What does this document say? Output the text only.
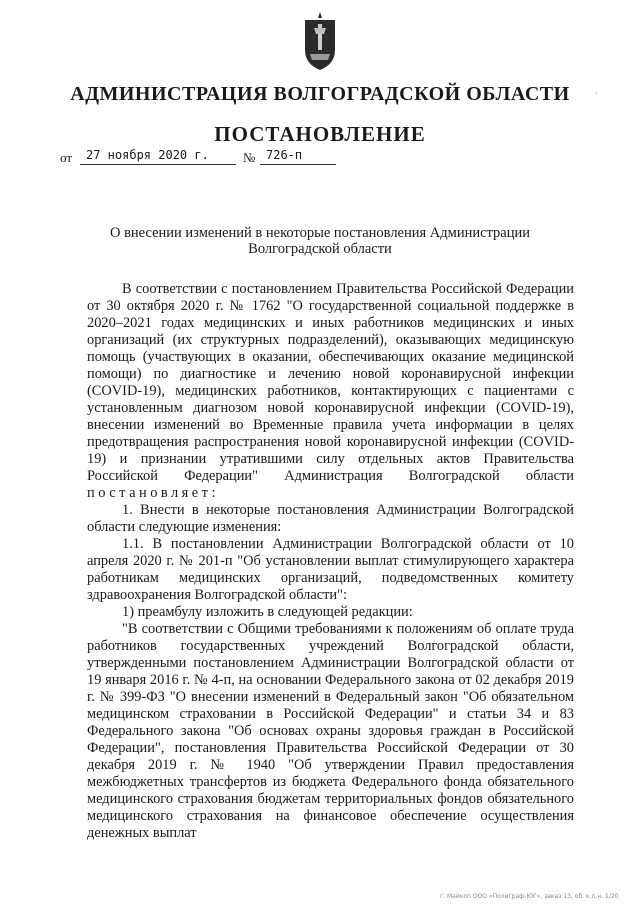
·
АДМИНИСТРАЦИЯ ВОЛГОГРАДСКОЙ ОБЛАСТИ
ПОСТАНОВЛЕНИЕ
от	27 ноября 2020 г.	№ 726-п
О внесении изменений в некоторые постановления Администрации
Волгоградской области

В соответствии с постановлением Правительства Российской Федерации от 30 октября 2020 г. № 1762 "О государственной социальной поддержке в 2020–2021 годах медицинских и иных работников медицинских и иных организаций (их структурных подразделений), оказывающих медицинскую помощь (участвующих в оказании, обеспечивающих оказание медицинской помощи) по диагностике и лечению новой коронавирусной инфекции (COVID-19), медицинских работников, контактирующих с пациентами с установленным диагнозом новой коронавирусной инфекции (COVID-19), внесении изменений во Временные правила учета информации в целях предотвращения распространения новой коронавирусной инфекции (COVID-19) и признании утратившими силу отдельных актов Правительства Российской Федерации" Администрация Волгоградской области постановляет:

1. Внести в некоторые постановления Администрации Волгоградской области следующие изменения:

1.1. В постановлении Администрации Волгоградской области от 10 апреля 2020 г. № 201-п "Об установлении выплат стимулирующего характера работникам медицинских организаций, подведомственных комитету здравоохранения Волгоградской области":

1) преамбулу изложить в следующей редакции:

"В соответствии с Общими требованиями к положениям об оплате труда работников государственных учреждений Волгоградской области, утвержденными постановлением Администрации Волгоградской области от 19 января 2016 г. № 4-п, на основании Федерального закона от 02 декабря 2019 г. № 399-ФЗ "О внесении изменений в Федеральный закон "Об обязательном медицинском страховании в Российской Федерации" и статьи 34 и 83 Федерального закона "Об основах охраны здоровья граждан в Российской Федерации", постановления Правительства Российской Федерации от 30 декабря 2019 г. № 1940 "Об утверждении Правил предоставления межбюджетных трансфертов из бюджета Федерального фонда обязательного медицинского страхования бюджетам территориальных фондов обязательного медицинского страхования на финансовое обеспечение осуществления денежных выплат

г. Майкоп ООО «Полиграф-ЮГ», заказ 13, об. к.п.н. 1/20
